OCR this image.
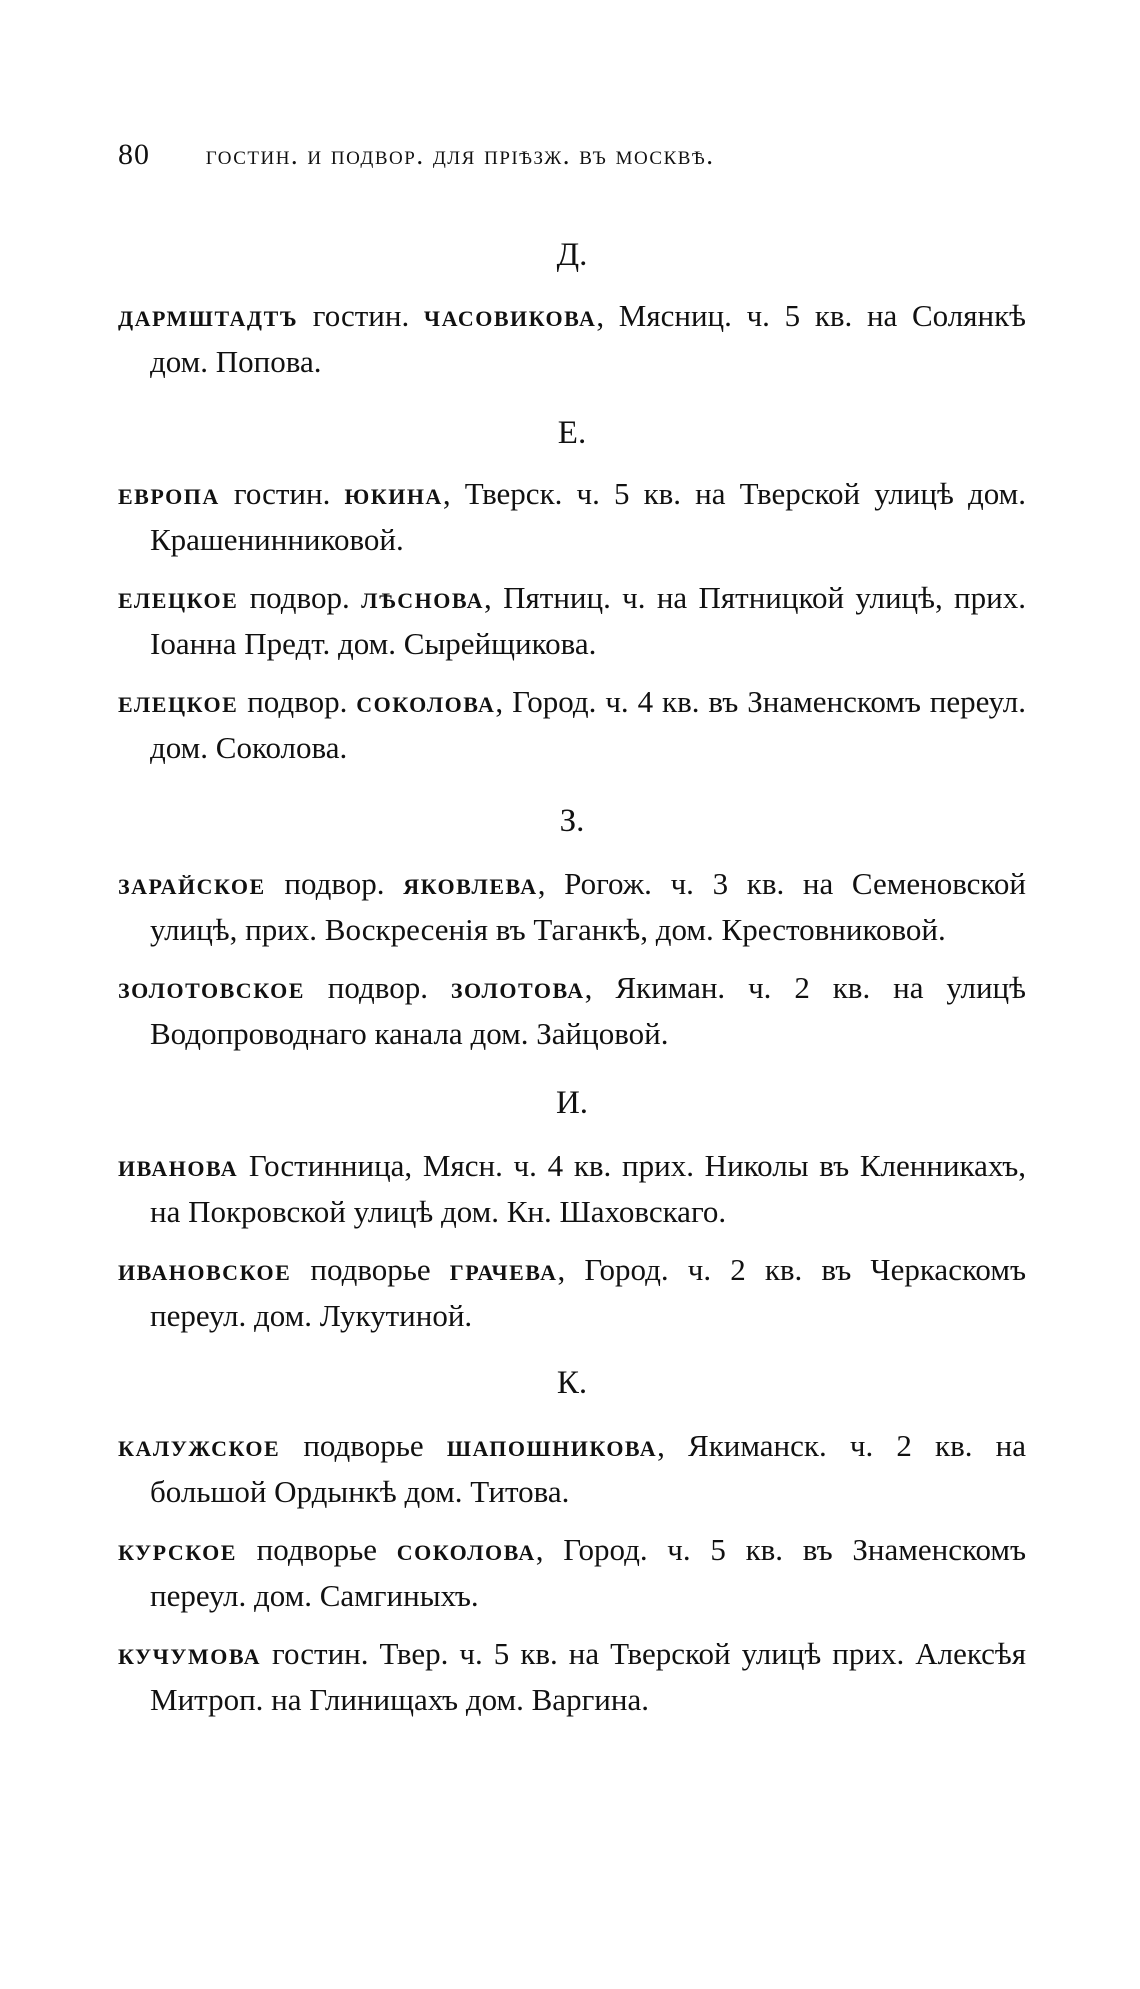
80 гостин. и подвор. для прiѣзж. въ москвѣ.
Д.

дармштадтъ гостин. часовикова, Мясниц. ч. 5 кв. на Солянкѣ дом. Попова.

Е.

европа гостин. юкина, Тверск. ч. 5 кв. на Тверской улицѣ дом. Крашенинниковой.

елецкое подвор. лѣснова, Пятниц. ч. на Пятницкой улицѣ, прих. Iоанна Предт. дом. Сырейщикова.

елецкое подвор. соколова, Город. ч. 4 кв. въ Знаменскомъ переул. дом. Соколова.

З.

зарайское подвор. яковлева, Рогож. ч. 3 кв. на Семеновской улицѣ, прих. Воскресенiя въ Таганкѣ, дом. Крестовниковой.

золотовское подвор. золотова, Якиман. ч. 2 кв. на улицѣ Водопроводнаго канала дом. Зайцовой.

И.

иванова Гостинница, Мясн. ч. 4 кв. прих. Николы въ Кленникахъ, на Покровской улицѣ дом. Кн. Шаховскаго.

ивановское подворье грачева, Город. ч. 2 кв. въ Черкаскомъ переул. дом. Лукутиной.

К.

калужское подворье шапошникова, Якиманск. ч. 2 кв. на большой Ордынкѣ дом. Титова.

курское подворье соколова, Город. ч. 5 кв. въ Знаменскомъ переул. дом. Самгиныхъ.

кучумова гостин. Твер. ч. 5 кв. на Тверской улицѣ прих. Алексѣя Митроп. на Глинищахъ дом. Варгина.
